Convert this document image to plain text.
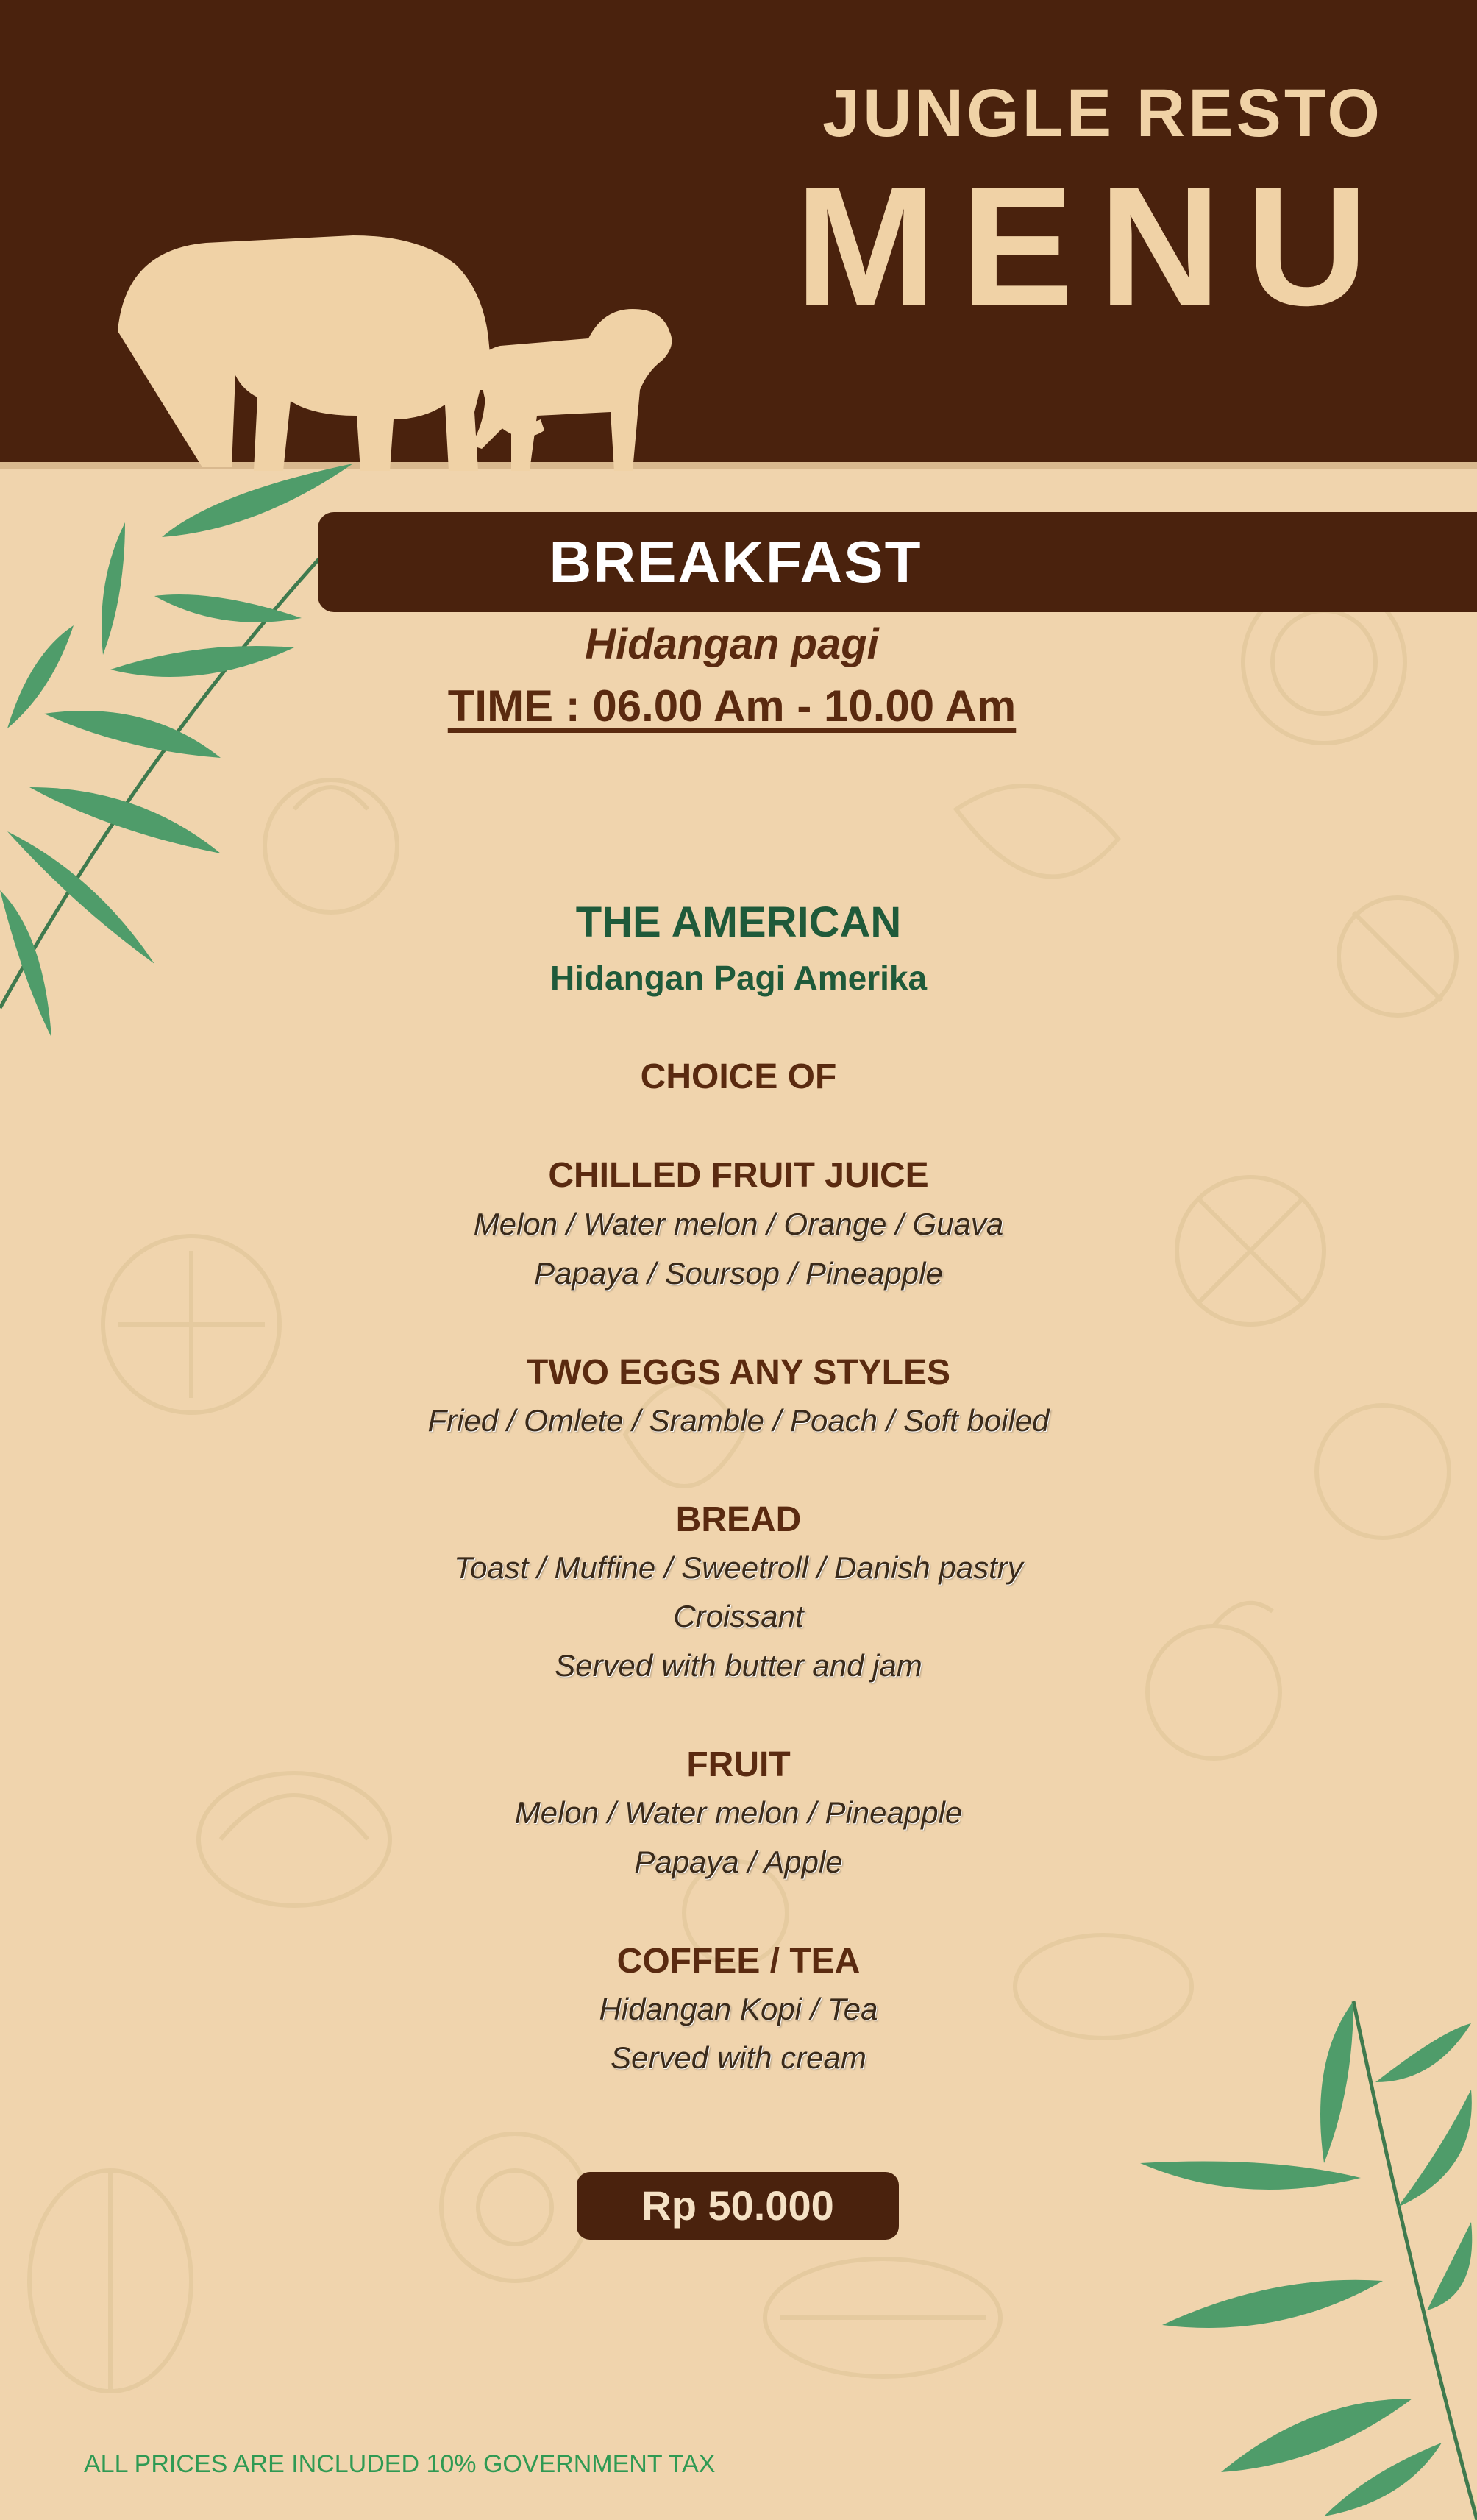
JUNGLE RESTO
MENU
BREAKFAST
Hidangan pagi
TIME : 06.00 Am - 10.00 Am
THE AMERICAN
Hidangan Pagi Amerika
CHOICE OF
CHILLED FRUIT JUICE
Melon / Water melon / Orange / Guava
Papaya / Soursop / Pineapple
TWO EGGS ANY STYLES
Fried / Omlete / Sramble / Poach / Soft boiled
BREAD
Toast / Muffine / Sweetroll / Danish pastry
Croissant
Served with butter and jam
FRUIT
Melon / Water melon / Pineapple
Papaya / Apple
COFFEE / TEA
Hidangan Kopi / Tea
Served with cream
Rp 50.000
ALL PRICES ARE INCLUDED 10% GOVERNMENT TAX
